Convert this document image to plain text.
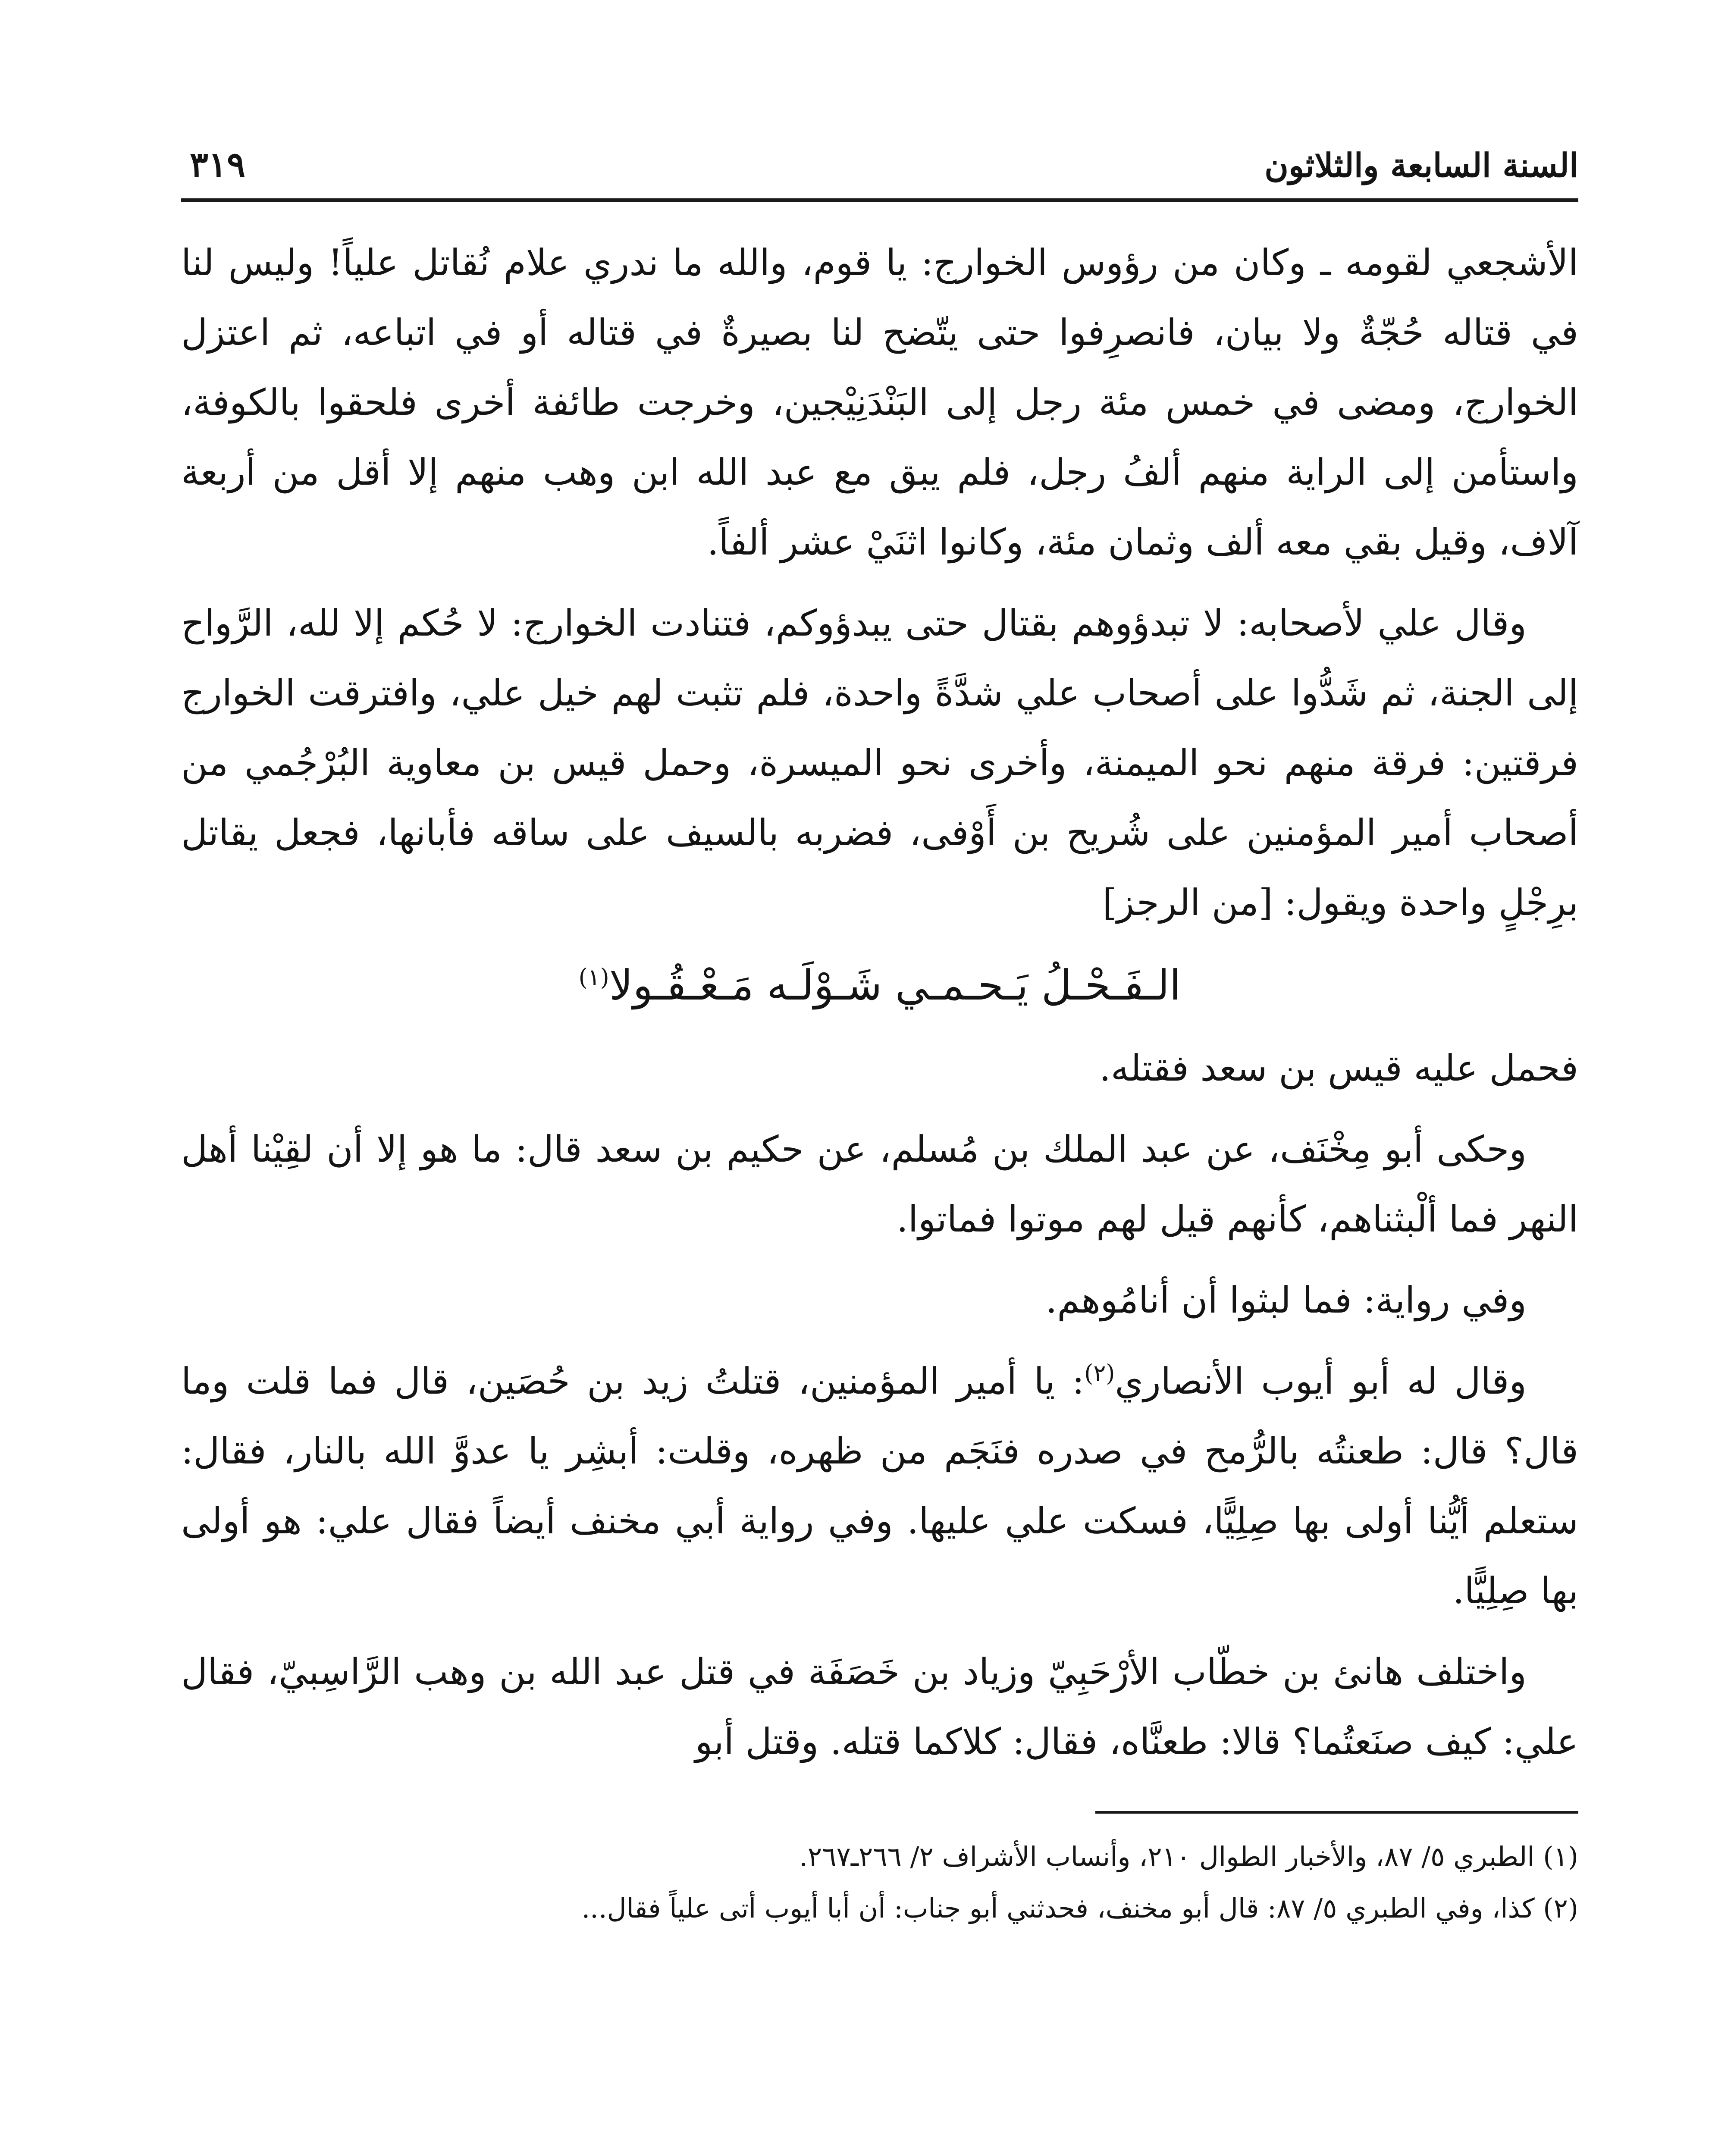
السنة السابعة والثلاثون
٣١٩

الأشجعي لقومه ـ وكان من رؤوس الخوارج: يا قوم، والله ما ندري علام نُقاتل علياً! وليس لنا في قتاله حُجّةٌ ولا بيان، فانصرِفوا حتى يتّضح لنا بصيرةٌ في قتاله أو في اتباعه، ثم اعتزل الخوارج، ومضى في خمس مئة رجل إلى البَنْدَنِيْجين، وخرجت طائفة أخرى فلحقوا بالكوفة، واستأمن إلى الراية منهم ألفُ رجل، فلم يبق مع عبد الله ابن وهب منهم إلا أقل من أربعة آلاف، وقيل بقي معه ألف وثمان مئة، وكانوا اثنَيْ عشر ألفاً.

وقال علي لأصحابه: لا تبدؤوهم بقتال حتى يبدؤوكم، فتنادت الخوارج: لا حُكم إلا لله، الرَّواح إلى الجنة، ثم شَدُّوا على أصحاب علي شدَّةً واحدة، فلم تثبت لهم خيل علي، وافترقت الخوارج فرقتين: فرقة منهم نحو الميمنة، وأخرى نحو الميسرة، وحمل قيس بن معاوية البُرْجُمي من أصحاب أمير المؤمنين على شُريح بن أَوْفى، فضربه بالسيف على ساقه فأبانها، فجعل يقاتل برِجْلٍ واحدة ويقول: [من الرجز]

الـفَـحْـلُ يَـحـمـي شَـوْلَـه مَـعْـقُـولا$^{(١)}$

فحمل عليه قيس بن سعد فقتله.

وحكى أبو مِخْنَف، عن عبد الملك بن مُسلم، عن حكيم بن سعد قال: ما هو إلا أن لقِيْنا أهل النهر فما ألْبثناهم، كأنهم قيل لهم موتوا فماتوا.

وفي رواية: فما لبثوا أن أنامُوهم.

وقال له أبو أيوب الأنصاري$^{(٢)}$: يا أمير المؤمنين، قتلتُ زيد بن حُصَين، قال فما قلت وما قال؟ قال: طعنتُه بالرُّمح في صدره فنَجَم من ظهره، وقلت: أبشِر يا عدوَّ الله بالنار، فقال: ستعلم أيُّنا أولى بها صِلِيًّا، فسكت علي عليها. وفي رواية أبي مخنف أيضاً فقال علي: هو أولى بها صِلِيًّا.

واختلف هانئ بن خطّاب الأرْحَبِيّ وزياد بن خَصَفَة في قتل عبد الله بن وهب الرَّاسِبيّ، فقال علي: كيف صنَعتُما؟ قالا: طعنَّاه، فقال: كلاكما قتله. وقتل أبو

(١) الطبري ٥/ ٨٧، والأخبار الطوال ٢١٠، وأنساب الأشراف ٢/ ٢٦٦ـ٢٦٧.

(٢) كذا، وفي الطبري ٥/ ٨٧: قال أبو مخنف، فحدثني أبو جناب: أن أبا أيوب أتى علياً فقال...
